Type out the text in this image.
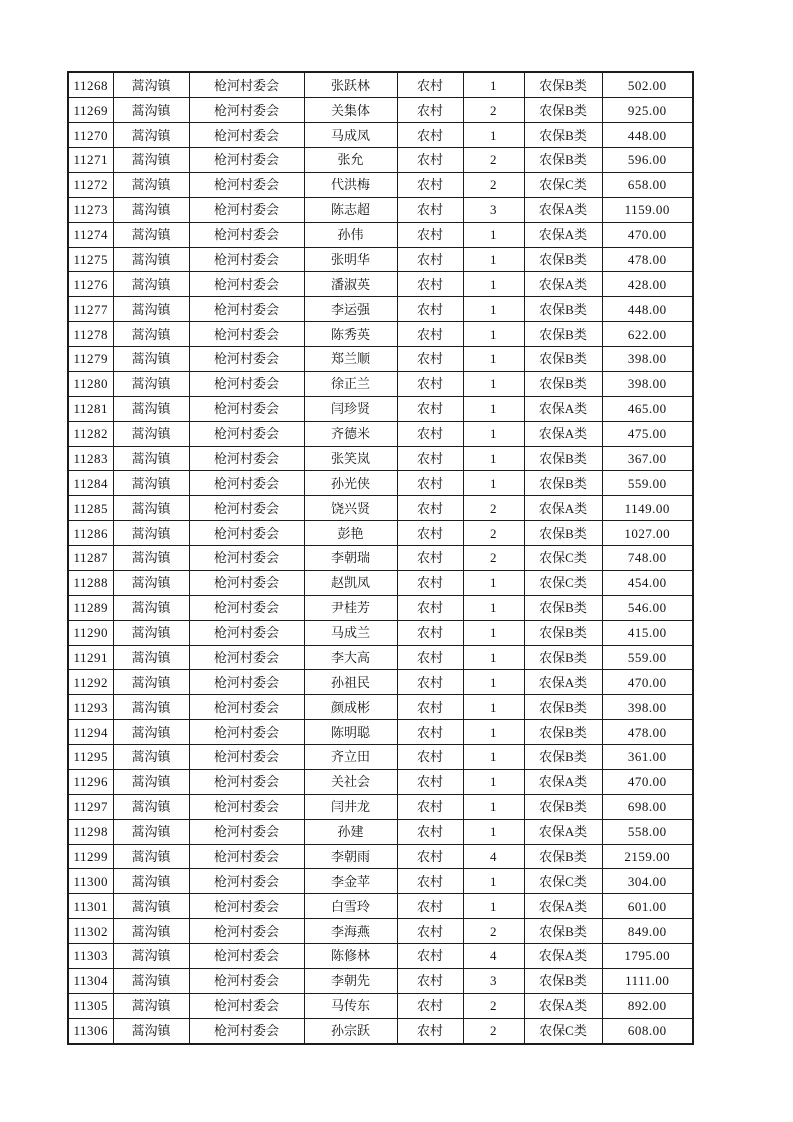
11268	蒿沟镇	枪河村委会	张跃林	农村	1	农保B类	502.00
11269	蒿沟镇	枪河村委会	关集体	农村	2	农保B类	925.00
11270	蒿沟镇	枪河村委会	马成凤	农村	1	农保B类	448.00
11271	蒿沟镇	枪河村委会	张允	农村	2	农保B类	596.00
11272	蒿沟镇	枪河村委会	代洪梅	农村	2	农保C类	658.00
11273	蒿沟镇	枪河村委会	陈志超	农村	3	农保A类	1159.00
11274	蒿沟镇	枪河村委会	孙伟	农村	1	农保A类	470.00
11275	蒿沟镇	枪河村委会	张明华	农村	1	农保B类	478.00
11276	蒿沟镇	枪河村委会	潘淑英	农村	1	农保A类	428.00
11277	蒿沟镇	枪河村委会	李运强	农村	1	农保B类	448.00
11278	蒿沟镇	枪河村委会	陈秀英	农村	1	农保B类	622.00
11279	蒿沟镇	枪河村委会	郑兰顺	农村	1	农保B类	398.00
11280	蒿沟镇	枪河村委会	徐正兰	农村	1	农保B类	398.00
11281	蒿沟镇	枪河村委会	闫珍贤	农村	1	农保A类	465.00
11282	蒿沟镇	枪河村委会	齐德米	农村	1	农保A类	475.00
11283	蒿沟镇	枪河村委会	张笑岚	农村	1	农保B类	367.00
11284	蒿沟镇	枪河村委会	孙光侠	农村	1	农保B类	559.00
11285	蒿沟镇	枪河村委会	饶兴贤	农村	2	农保A类	1149.00
11286	蒿沟镇	枪河村委会	彭艳	农村	2	农保B类	1027.00
11287	蒿沟镇	枪河村委会	李朝瑞	农村	2	农保C类	748.00
11288	蒿沟镇	枪河村委会	赵凯凤	农村	1	农保C类	454.00
11289	蒿沟镇	枪河村委会	尹桂芳	农村	1	农保B类	546.00
11290	蒿沟镇	枪河村委会	马成兰	农村	1	农保B类	415.00
11291	蒿沟镇	枪河村委会	李大高	农村	1	农保B类	559.00
11292	蒿沟镇	枪河村委会	孙祖民	农村	1	农保A类	470.00
11293	蒿沟镇	枪河村委会	颜成彬	农村	1	农保B类	398.00
11294	蒿沟镇	枪河村委会	陈明聪	农村	1	农保B类	478.00
11295	蒿沟镇	枪河村委会	齐立田	农村	1	农保B类	361.00
11296	蒿沟镇	枪河村委会	关社会	农村	1	农保A类	470.00
11297	蒿沟镇	枪河村委会	闫井龙	农村	1	农保B类	698.00
11298	蒿沟镇	枪河村委会	孙建	农村	1	农保A类	558.00
11299	蒿沟镇	枪河村委会	李朝雨	农村	4	农保B类	2159.00
11300	蒿沟镇	枪河村委会	李金苹	农村	1	农保C类	304.00
11301	蒿沟镇	枪河村委会	白雪玲	农村	1	农保A类	601.00
11302	蒿沟镇	枪河村委会	李海燕	农村	2	农保B类	849.00
11303	蒿沟镇	枪河村委会	陈修林	农村	4	农保A类	1795.00
11304	蒿沟镇	枪河村委会	李朝先	农村	3	农保B类	1111.00
11305	蒿沟镇	枪河村委会	马传东	农村	2	农保A类	892.00
11306	蒿沟镇	枪河村委会	孙宗跃	农村	2	农保C类	608.00
